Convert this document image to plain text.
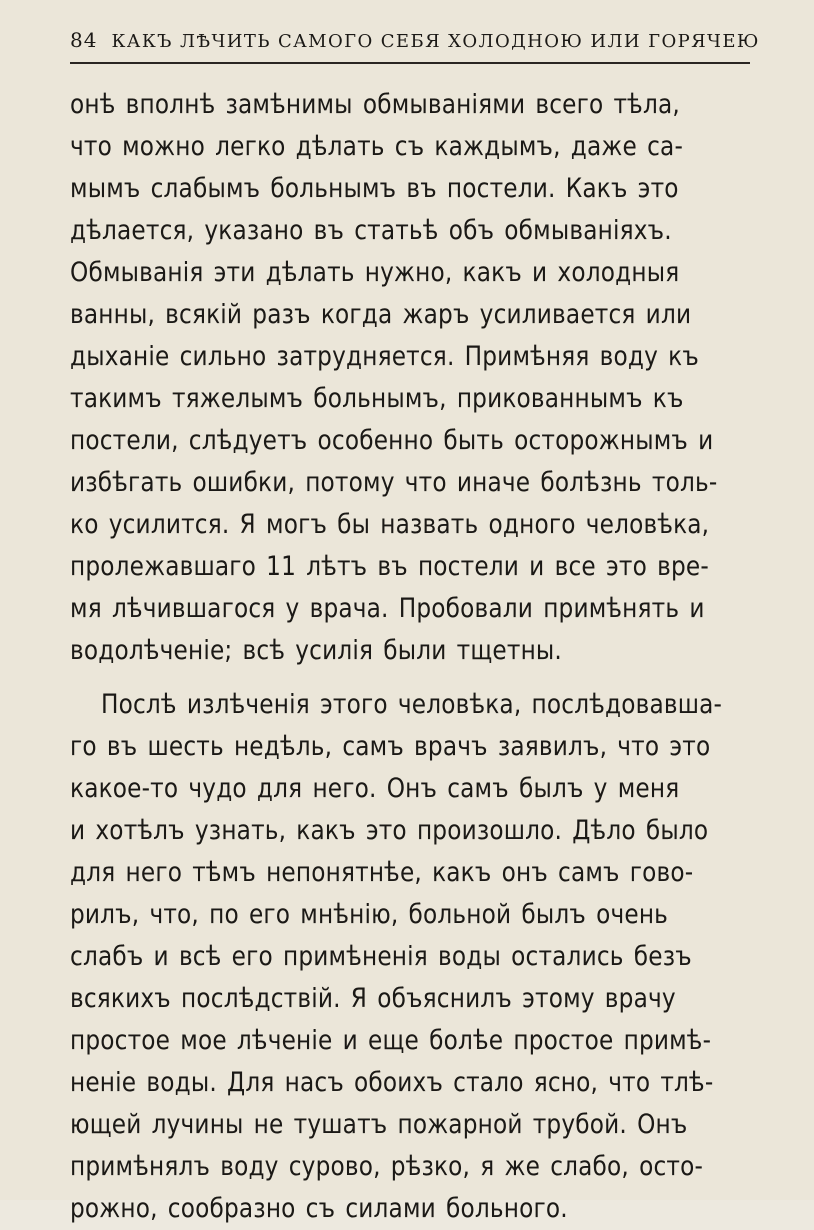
84 КАКЪ ЛѢЧИТЬ САМОГО СЕБЯ ХОЛОДНОЮ ИЛИ ГОРЯЧЕЮ
онѣ вполнѣ замѣнимы обмываніями всего тѣла,
что можно легко дѣлать съ каждымъ, даже са-
мымъ слабымъ больнымъ въ постели. Какъ это
дѣлается, указано въ статьѣ объ обмываніяхъ.
Обмыванія эти дѣлать нужно, какъ и холодныя
ванны, всякій разъ когда жаръ усиливается или
дыханіе сильно затрудняется. Примѣняя воду къ
такимъ тяжелымъ больнымъ, прикованнымъ къ
постели, слѣдуетъ особенно быть осторожнымъ и
избѣгать ошибки, потому что иначе болѣзнь толь-
ко усилится. Я могъ бы назвать одного человѣка,
пролежавшаго 11 лѣтъ въ постели и все это вре-
мя лѣчившагося у врача. Пробовали примѣнять и
водолѣченіе; всѣ усилія были тщетны.
Послѣ излѣченія этого человѣка, послѣдовавша-
го въ шесть недѣль, самъ врачъ заявилъ, что это
какое-то чудо для него. Онъ самъ былъ у меня
и хотѣлъ узнать, какъ это произошло. Дѣло было
для него тѣмъ непонятнѣе, какъ онъ самъ гово-
рилъ, что, по его мнѣнію, больной былъ очень
слабъ и всѣ его примѣненія воды остались безъ
всякихъ послѣдствій. Я объяснилъ этому врачу
простое мое лѣченіе и еще болѣе простое примѣ-
неніе воды. Для насъ обоихъ стало ясно, что тлѣ-
ющей лучины не тушатъ пожарной трубой. Онъ
примѣнялъ воду сурово, рѣзко, я же слабо, осто-
рожно, сообразно съ силами больного.
